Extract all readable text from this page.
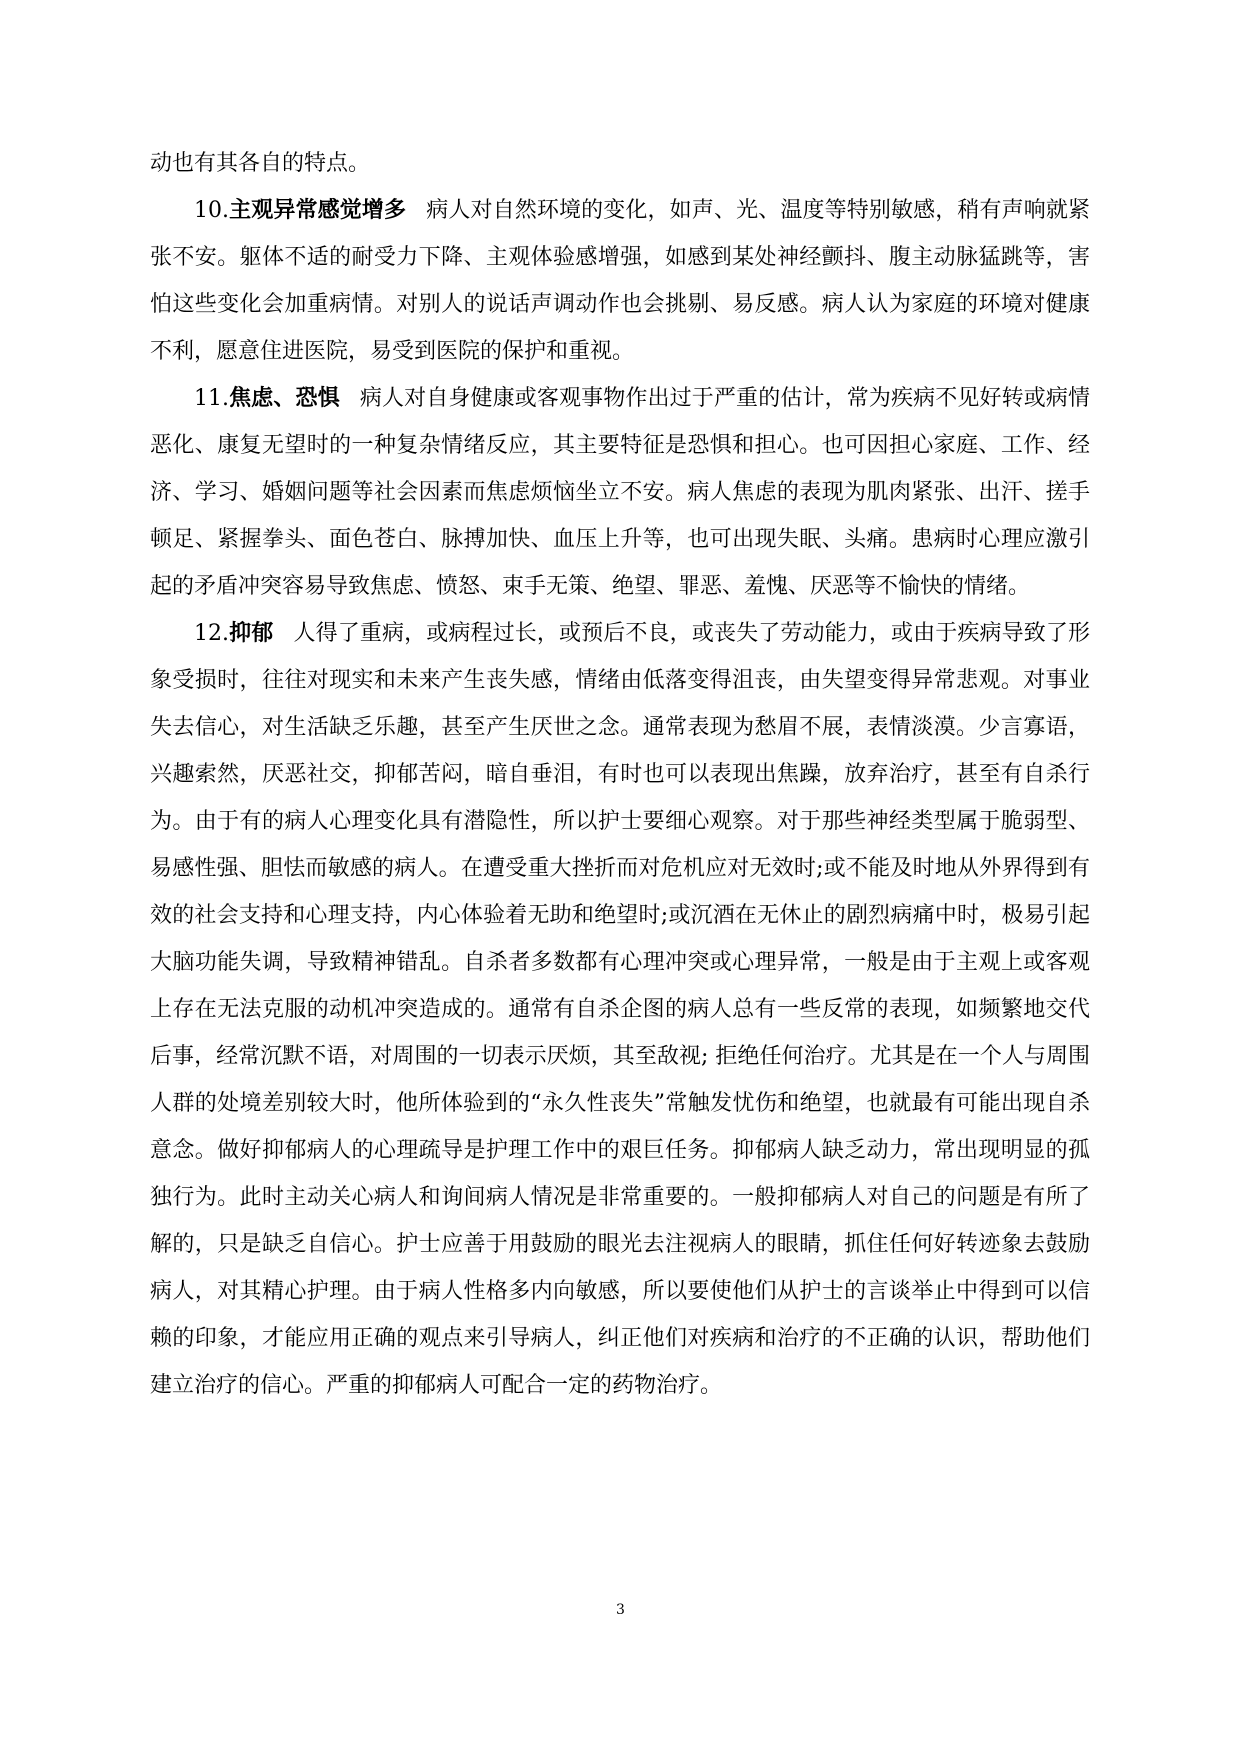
动也有其各自的特点。

10.主观异常感觉增多 病人对自然环境的变化，如声、光、温度等特别敏感，稍有声响就紧张不安。躯体不适的耐受力下降、主观体验感增强，如感到某处神经颤抖、腹主动脉猛跳等，害怕这些变化会加重病情。对别人的说话声调动作也会挑剔、易反感。病人认为家庭的环境对健康不利，愿意住进医院，易受到医院的保护和重视。

11.焦虑、恐惧 病人对自身健康或客观事物作出过于严重的估计，常为疾病不见好转或病情恶化、康复无望时的一种复杂情绪反应，其主要特征是恐惧和担心。也可因担心家庭、工作、经济、学习、婚姻问题等社会因素而焦虑烦恼坐立不安。病人焦虑的表现为肌肉紧张、出汗、搓手顿足、紧握拳头、面色苍白、脉搏加快、血压上升等，也可出现失眠、头痛。患病时心理应激引起的矛盾冲突容易导致焦虑、愤怒、束手无策、绝望、罪恶、羞愧、厌恶等不愉快的情绪。

12.抑郁 人得了重病，或病程过长，或预后不良，或丧失了劳动能力，或由于疾病导致了形象受损时，往往对现实和未来产生丧失感，情绪由低落变得沮丧，由失望变得异常悲观。对事业失去信心，对生活缺乏乐趣，甚至产生厌世之念。通常表现为愁眉不展，表情淡漠。少言寡语，兴趣索然，厌恶社交，抑郁苦闷，暗自垂泪，有时也可以表现出焦躁，放弃治疗，甚至有自杀行为。由于有的病人心理变化具有潜隐性，所以护士要细心观察。对于那些神经类型属于脆弱型、易感性强、胆怯而敏感的病人。在遭受重大挫折而对危机应对无效时;或不能及时地从外界得到有效的社会支持和心理支持，内心体验着无助和绝望时;或沉酒在无休止的剧烈病痛中时，极易引起大脑功能失调，导致精神错乱。自杀者多数都有心理冲突或心理异常，一般是由于主观上或客观上存在无法克服的动机冲突造成的。通常有自杀企图的病人总有一些反常的表现，如频繁地交代后事，经常沉默不语，对周围的一切表示厌烦，其至敌视; 拒绝任何治疗。尤其是在一个人与周围人群的处境差别较大时，他所体验到的“永久性丧失”常触发忧伤和绝望，也就最有可能出现自杀意念。做好抑郁病人的心理疏导是护理工作中的艰巨任务。抑郁病人缺乏动力，常出现明显的孤独行为。此时主动关心病人和询间病人情况是非常重要的。一般抑郁病人对自己的问题是有所了解的，只是缺乏自信心。护士应善于用鼓励的眼光去注视病人的眼睛，抓住任何好转迹象去鼓励病人，对其精心护理。由于病人性格多内向敏感，所以要使他们从护士的言谈举止中得到可以信赖的印象，才能应用正确的观点来引导病人，纠正他们对疾病和治疗的不正确的认识，帮助他们建立治疗的信心。严重的抑郁病人可配合一定的药物治疗。

3
